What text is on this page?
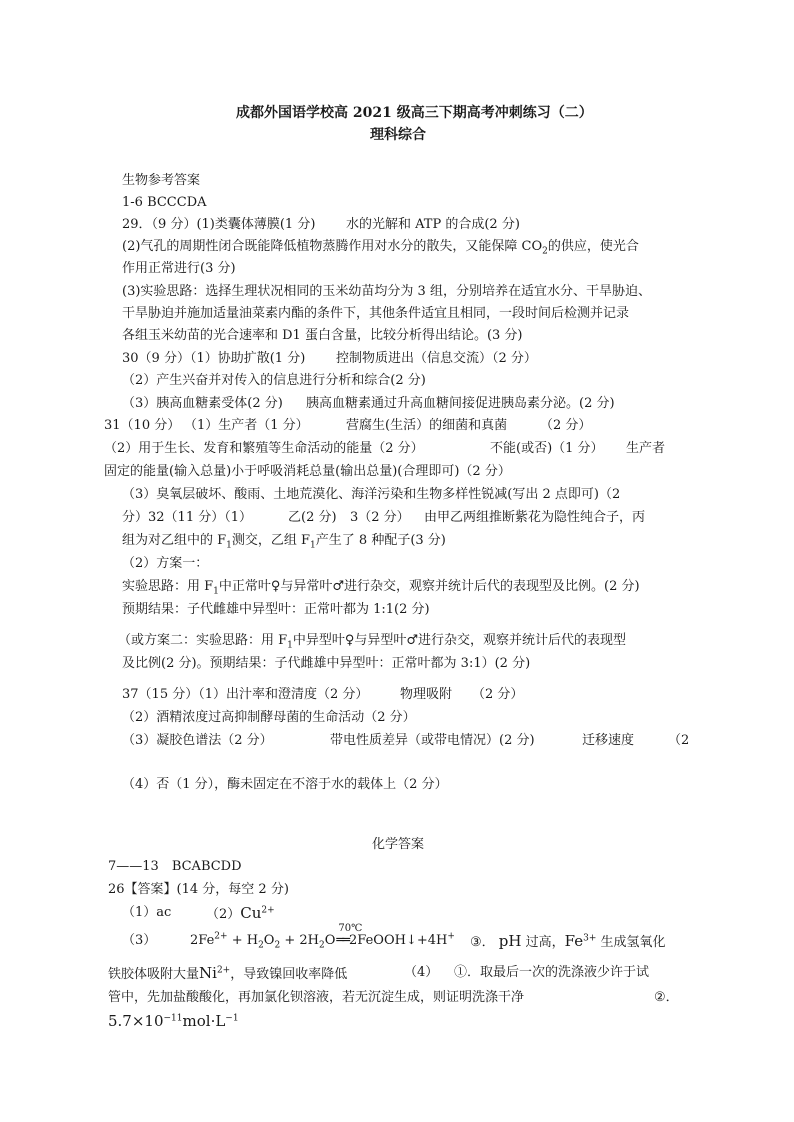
成都外国语学校高 2021 级高三下期高考冲刺练习（二）
理科综合
生物参考答案
1-6 BCCCDA
29．（9 分）(1)类囊体薄膜(1 分) 水的光解和 ATP 的合成(2 分)
(2)气孔的周期性闭合既能降低植物蒸腾作用对水分的散失，又能保障 $CO_2$的供应，使光合
作用正常进行(3 分)
(3)实验思路：选择生理状况相同的玉米幼苗均分为 3 组，分别培养在适宜水分、干旱胁迫、
干旱胁迫并施加适量油菜素内酯的条件下，其他条件适宜且相同，一段时间后检测并记录
各组玉米幼苗的光合速率和 D1 蛋白含量，比较分析得出结论。(3 分)
30（9 分）（1）协助扩散(1 分) 控制物质进出（信息交流）（2 分）
（2）产生兴奋并对传入的信息进行分析和综合(2 分)
（3）胰高血糖素受体(2 分) 胰高血糖素通过升高血糖间接促进胰岛素分泌。(2 分)
31（10 分） （1）生产者（1 分）	营腐生(生活）的细菌和真菌	（2 分）
（2）用于生长、发育和繁殖等生命活动的能量（2 分）	不能(或否)（1 分） 生产者
固定的能量(输入总量)小于呼吸消耗总量(输出总量)(合理即可)（2 分）
（3）臭氧层破坏、酸雨、土地荒漠化、海洋污染和生物多样性锐减(写出 2 点即可)（2
分）32（11 分）（1）	乙(2 分) 3（2 分） 由甲乙两组推断紫花为隐性纯合子，丙
组为对乙组中的 $F_1$测交，乙组 $F_1$产生了 8 种配子(3 分)
（2）方案一：
实验思路：用 $F_1$中正常叶♀与异常叶♂进行杂交，观察并统计后代的表现型及比例。(2 分)
预期结果：子代雌雄中异型叶：正常叶都为 1:1(2 分)
（或方案二：实验思路：用 $F_1$中异型叶♀与异型叶♂进行杂交，观察并统计后代的表现型
及比例(2 分)。预期结果：子代雌雄中异型叶：正常叶都为 3:1）(2 分)
37（15 分）（1）出汁率和澄清度（2 分） 物理吸附 （2 分）
（2）酒精浓度过高抑制酵母菌的生命活动（2 分）
（3）凝胶色谱法（2 分）	带电性质差异（或带电情况）(2 分)	迁移速度	（2
（4）否（1 分），酶未固定在不溶于水的载体上（2 分）
化学答案
7——13　BCABCDD
26【答案】(14 分，每空 2 分)
（1）ac	$(2)Cu^{2+}$
（3）	$2Fe^{2+} + H_2O_2 + 2H_2O$
70℃
══2FeOOH↓+4H+ ③． pH 过高，$Fe^{3+}$ 生成氢氧化
铁胶体吸附大量$Ni^{2+}$，导致镍回收率降低	（4） ①．取最后一次的洗涤液少许于试
管中，先加盐酸酸化，再加氯化钡溶液，若无沉淀生成，则证明洗涤干净	②．
$5.7\times 10^{-11}mol\cdot L^{-1}$
